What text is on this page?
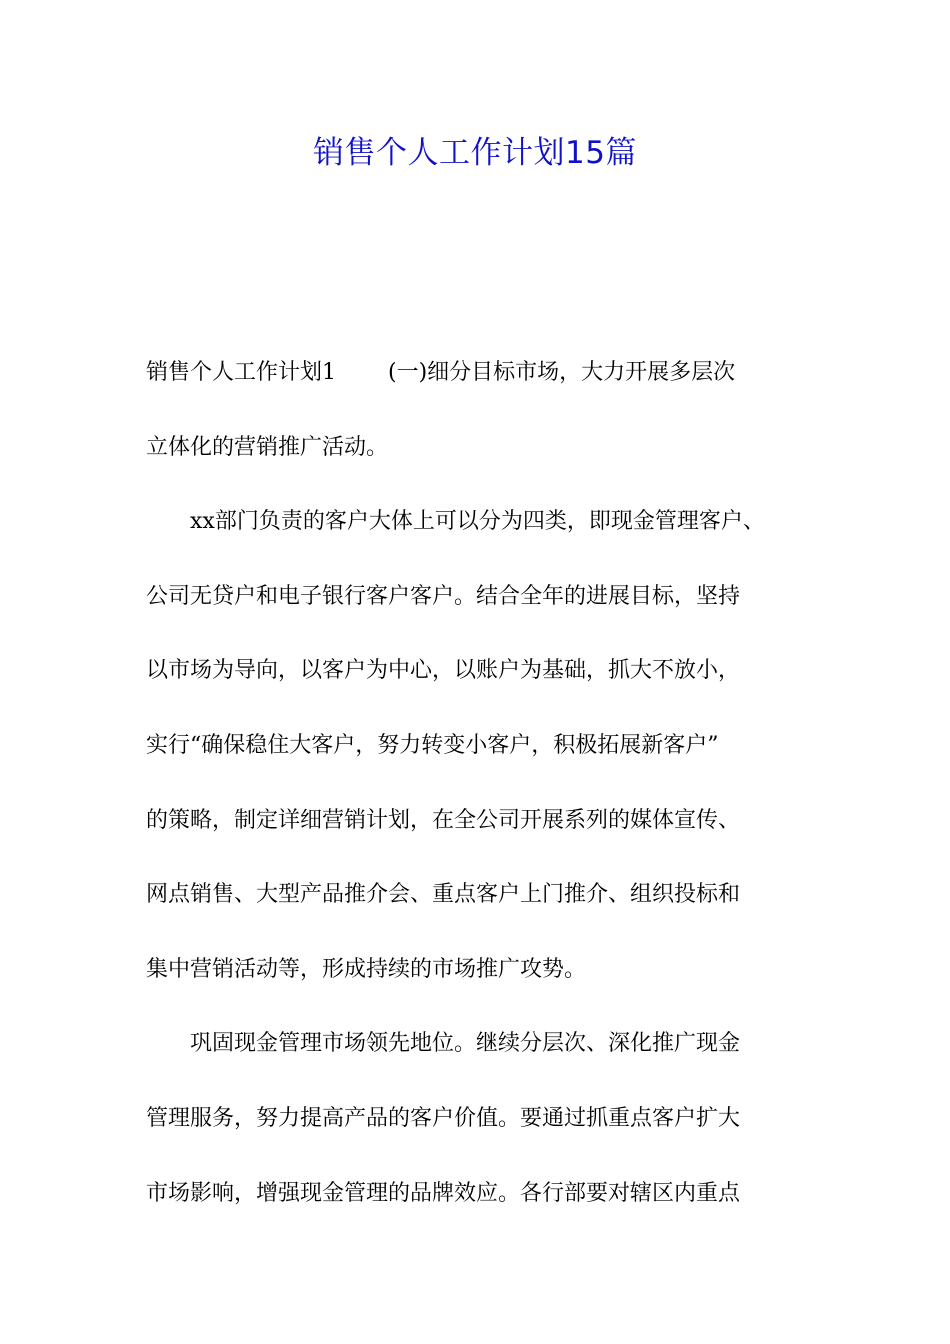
销售个人工作计划15篇
销售个人工作计划1 (一)细分目标市场，大力开展多层次
立体化的营销推广活动。
xx部门负责的客户大体上可以分为四类，即现金管理客户、
公司无贷户和电子银行客户客户。结合全年的进展目标，坚持
以市场为导向，以客户为中心，以账户为基础，抓大不放小，
实行“确保稳住大客户，努力转变小客户，积极拓展新客户”
的策略，制定详细营销计划，在全公司开展系列的媒体宣传、
网点销售、大型产品推介会、重点客户上门推介、组织投标和
集中营销活动等，形成持续的市场推广攻势。
巩固现金管理市场领先地位。继续分层次、深化推广现金
管理服务，努力提高产品的客户价值。要通过抓重点客户扩大
市场影响，增强现金管理的品牌效应。各行部要对辖区内重点
